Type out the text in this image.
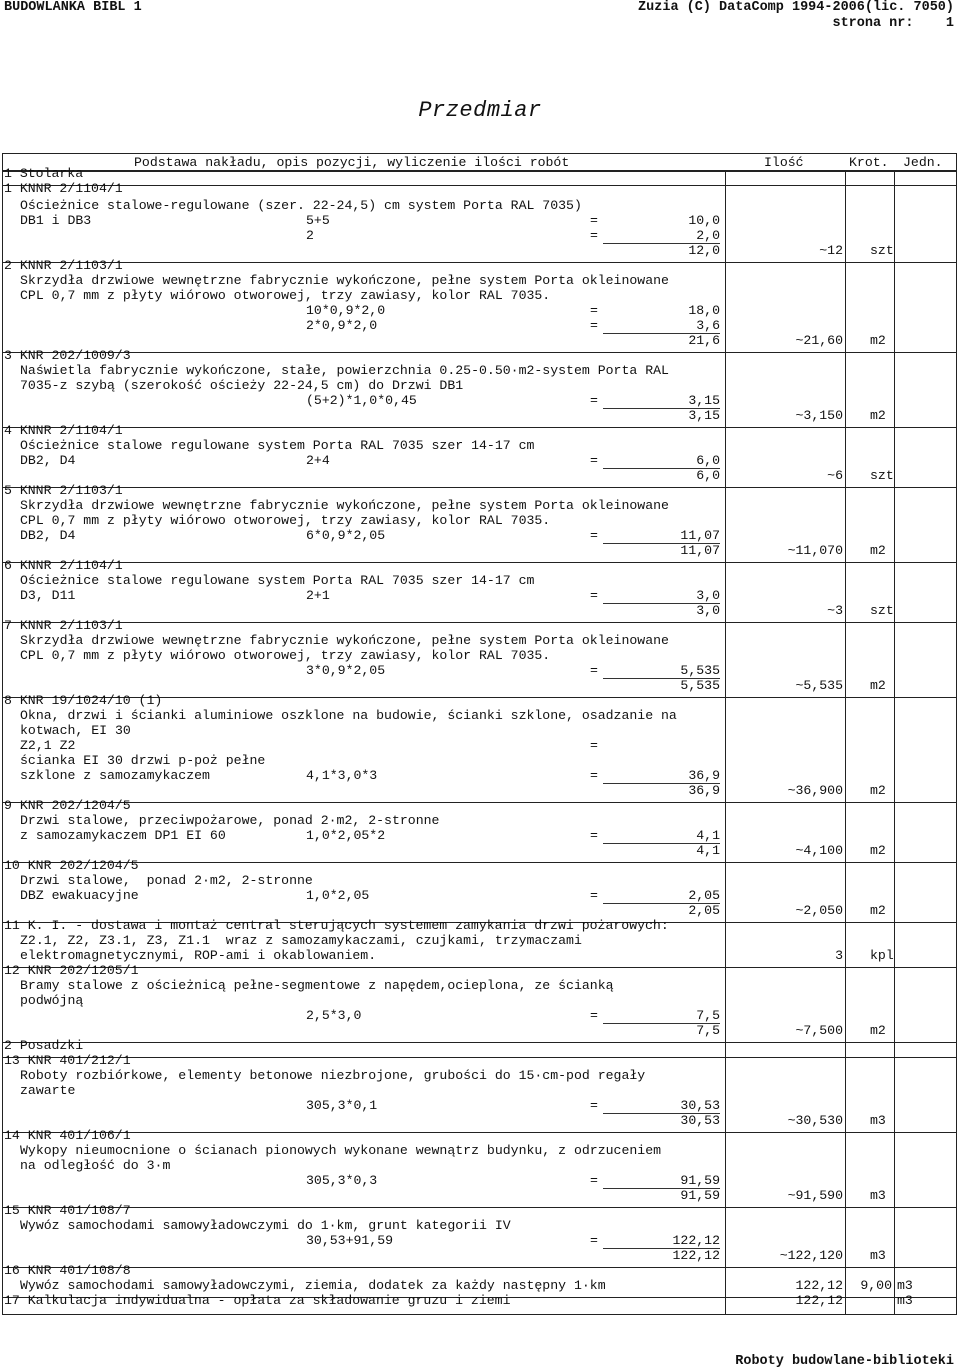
BUDOWLANKA BIBL 1	Zuzia (C) DataComp 1994-2006(lic. 7050)
strona nr: 1
Przedmiar
Podstawa nakładu, opis pozycji, wyliczenie ilości robót	Ilość	Krot. Jedn.
1 Stolarka
1 KNNR 2/1104/1
Ościeżnice stalowe-regulowane (szer. 22-24,5) cm system Porta RAL 7035)
DB1 i DB3	5+5	=	10,0
2	=	2,0
12,0	~12 szt
2 KNNR 2/1103/1
Skrzydła drzwiowe wewnętrzne fabrycznie wykończone, pełne system Porta okleinowane
CPL 0,7 mm z płyty wiórowo otworowej, trzy zawiasy, kolor RAL 7035.
10*0,9*2,0	=	18,0
2*0,9*2,0	=	3,6
21,6	~21,60 m2
3 KNR 202/1009/3
Naświetla fabrycznie wykończone, stałe, powierzchnia 0.25-0.50·m2-system Porta RAL
7035-z szybą (szerokość ościeży 22-24,5 cm) do Drzwi DB1
(5+2)*1,0*0,45	=	3,15
3,15	~3,150 m2
4 KNNR 2/1104/1
Ościeżnice stalowe regulowane system Porta RAL 7035 szer 14-17 cm
DB2, D4	2+4	=	6,0
6,0	~6 szt
5 KNNR 2/1103/1
Skrzydła drzwiowe wewnętrzne fabrycznie wykończone, pełne system Porta okleinowane
CPL 0,7 mm z płyty wiórowo otworowej, trzy zawiasy, kolor RAL 7035.
DB2, D4	6*0,9*2,05	=	11,07
11,07	~11,070 m2
6 KNNR 2/1104/1
Ościeżnice stalowe regulowane system Porta RAL 7035 szer 14-17 cm
D3, D11	2+1	=	3,0
3,0	~3 szt
7 KNNR 2/1103/1
Skrzydła drzwiowe wewnętrzne fabrycznie wykończone, pełne system Porta okleinowane
CPL 0,7 mm z płyty wiórowo otworowej, trzy zawiasy, kolor RAL 7035.
3*0,9*2,05	=	5,535
5,535	~5,535 m2
8 KNR 19/1024/10 (1)
Okna, drzwi i ścianki aluminiowe oszklone na budowie, ścianki szklone, osadzanie na
kotwach, EI 30
Z2,1 Z2	=
ścianka EI 30 drzwi p-poż pełne
szklone z samozamykaczem	4,1*3,0*3	=	36,9
36,9	~36,900 m2
9 KNR 202/1204/5
Drzwi stalowe, przeciwpożarowe, ponad 2·m2, 2-stronne
z samozamykaczem DP1 EI 60	1,0*2,05*2	=	4,1
4,1	~4,100 m2
10 KNR 202/1204/5
Drzwi stalowe,  ponad 2·m2, 2-stronne
DBZ ewakuacyjne	1,0*2,05	=	2,05
2,05	~2,050 m2
11 K. I. - dostawa i montaż central sterujących systemem zamykania drzwi pożarowych:
Z2.1, Z2, Z3.1, Z3, Z1.1  wraz z samozamykaczami, czujkami, trzymaczami
elektromagnetycznymi, ROP-ami i okablowaniem.	3 kpl
12 KNR 202/1205/1
Bramy stalowe z ościeżnicą pełne-segmentowe z napędem,ocieplona, ze ścianką
podwójną
2,5*3,0	=	7,5
7,5	~7,500 m2
2 Posadzki
13 KNR 401/212/1
Roboty rozbiórkowe, elementy betonowe niezbrojone, grubości do 15·cm-pod regały
zawarte
305,3*0,1	=	30,53
30,53	~30,530 m3
14 KNR 401/106/1
Wykopy nieumocnione o ścianach pionowych wykonane wewnątrz budynku, z odrzuceniem
na odległość do 3·m
305,3*0,3	=	91,59
91,59	~91,590 m3
15 KNR 401/108/7
Wywóz samochodami samowyładowczymi do 1·km, grunt kategorii IV
30,53+91,59	=	122,12
122,12	~122,120 m3
16 KNR 401/108/8
Wywóz samochodami samowyładowczymi, ziemia, dodatek za każdy następny 1·km	122,12 9,00 m3
17 Kalkulacja indywidualna - opłata za składowanie gruzu i ziemi	122,12	m3
Roboty budowlane-biblioteki
